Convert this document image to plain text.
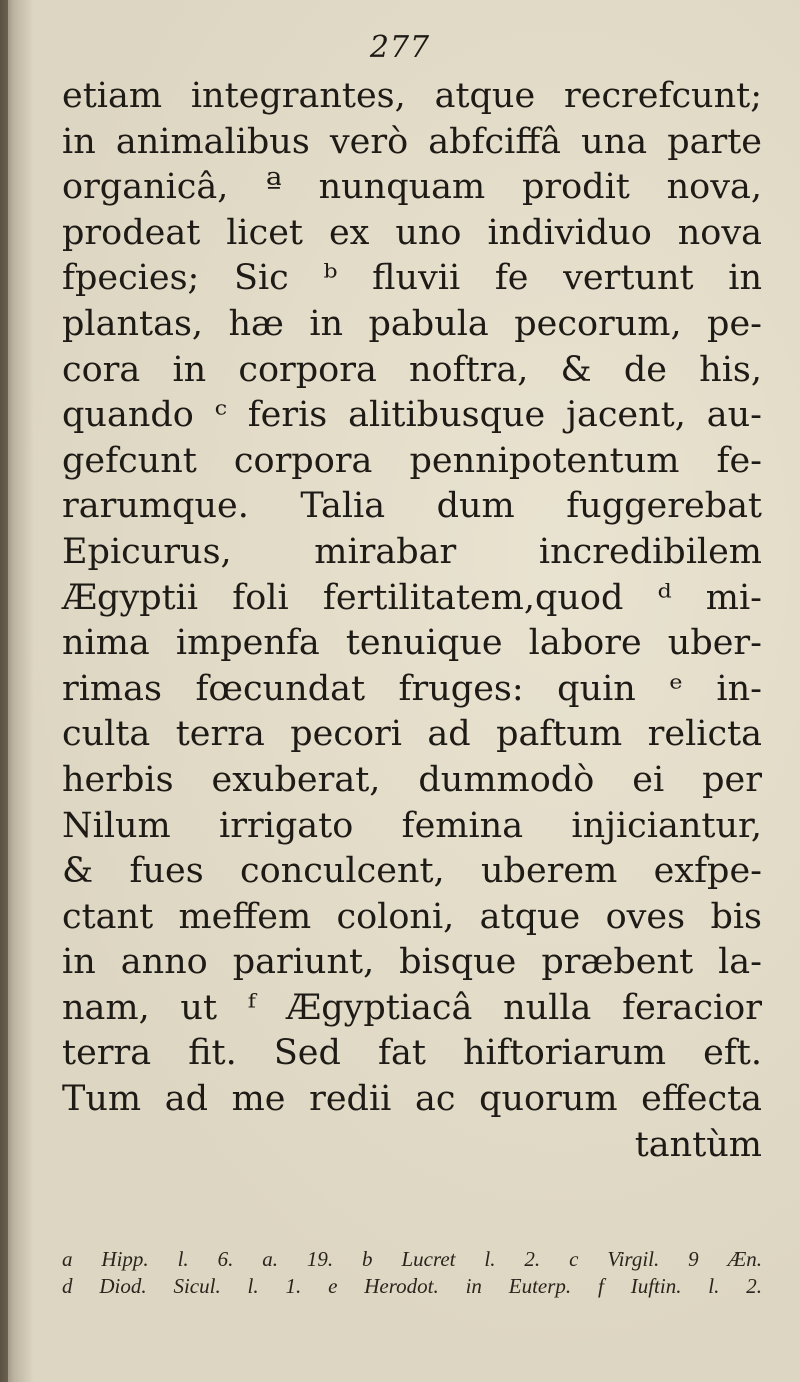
277
etiam integrantes, atque recrefcunt;
in animalibus verò abfciffâ una parte
organicâ, ª nunquam prodit nova,
prodeat licet ex uno individuo nova
fpecies; Sic ᵇ fluvii fe vertunt in
plantas, hæ in pabula pecorum, pe-
cora in corpora noftra, & de his,
quando ᶜ feris alitibusque jacent, au-
gefcunt corpora pennipotentum fe-
rarumque. Talia dum fuggerebat
Epicurus, mirabar incredibilem
Ægyptii foli fertilitatem,quod ᵈ mi-
nima impenfa tenuique labore uber-
rimas fœcundat fruges: quin ᵉ in-
culta terra pecori ad paftum relicta
herbis exuberat, dummodò ei per
Nilum irrigato femina injiciantur,
& fues conculcent, uberem exfpe-
ctant meffem coloni, atque oves bis
in anno pariunt, bisque præbent la-
nam, ut ᶠ Ægyptiacâ nulla feracior
terra fit. Sed fat hiftoriarum eft.
Tum ad me redii ac quorum effecta
tantùm
a Hipp. l. 6. a. 19. b Lucret l. 2. c Virgil. 9 Æn.
d Diod. Sicul. l. 1. e Herodot. in Euterp. f Iuftin. l. 2.
